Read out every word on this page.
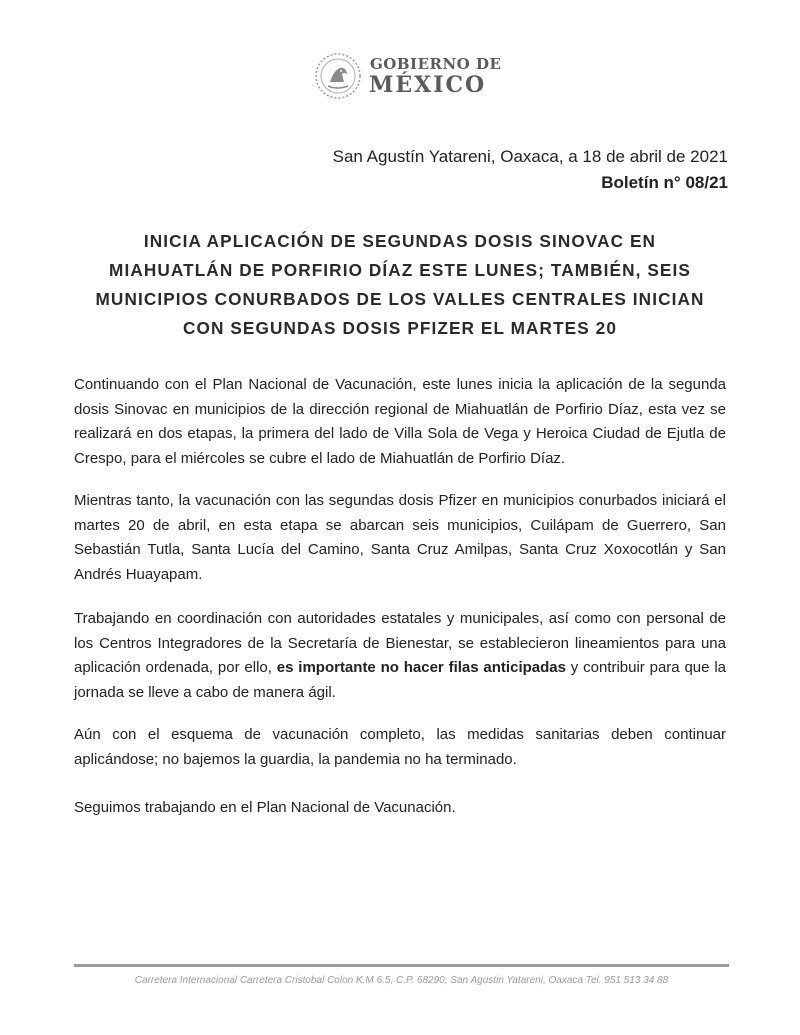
GOBIERNO DE
MÉXICO
San Agustín Yatareni, Oaxaca, a 18 de abril de 2021
Boletín n° 08/21
INICIA APLICACIÓN DE SEGUNDAS DOSIS SINOVAC EN MIAHUATLÁN DE PORFIRIO DÍAZ ESTE LUNES; TAMBIÉN, SEIS MUNICIPIOS CONURBADOS DE LOS VALLES CENTRALES INICIAN CON SEGUNDAS DOSIS PFIZER EL MARTES 20
Continuando con el Plan Nacional de Vacunación, este lunes inicia la aplicación de la segunda dosis Sinovac en municipios de la dirección regional de Miahuatlán de Porfirio Díaz, esta vez se realizará en dos etapas, la primera del lado de Villa Sola de Vega y Heroica Ciudad de Ejutla de Crespo, para el miércoles se cubre el lado de Miahuatlán de Porfirio Díaz.
Mientras tanto, la vacunación con las segundas dosis Pfizer en municipios conurbados iniciará el martes 20 de abril, en esta etapa se abarcan seis municipios, Cuilápam de Guerrero, San Sebastián Tutla, Santa Lucía del Camino, Santa Cruz Amilpas, Santa Cruz Xoxocotlán y San Andrés Huayapam.
Trabajando en coordinación con autoridades estatales y municipales, así como con personal de los Centros Integradores de la Secretaría de Bienestar, se establecieron lineamientos para una aplicación ordenada, por ello, es importante no hacer filas anticipadas y contribuir para que la jornada se lleve a cabo de manera ágil.
Aún con el esquema de vacunación completo, las medidas sanitarias deben continuar aplicándose; no bajemos la guardia, la pandemia no ha terminado.
Seguimos trabajando en el Plan Nacional de Vacunación.
Carretera Internacional Carretera Cristobal Colon K.M 6.5, C.P. 68290, San Agustin Yatareni, Oaxaca Tel. 951 513 34 88
